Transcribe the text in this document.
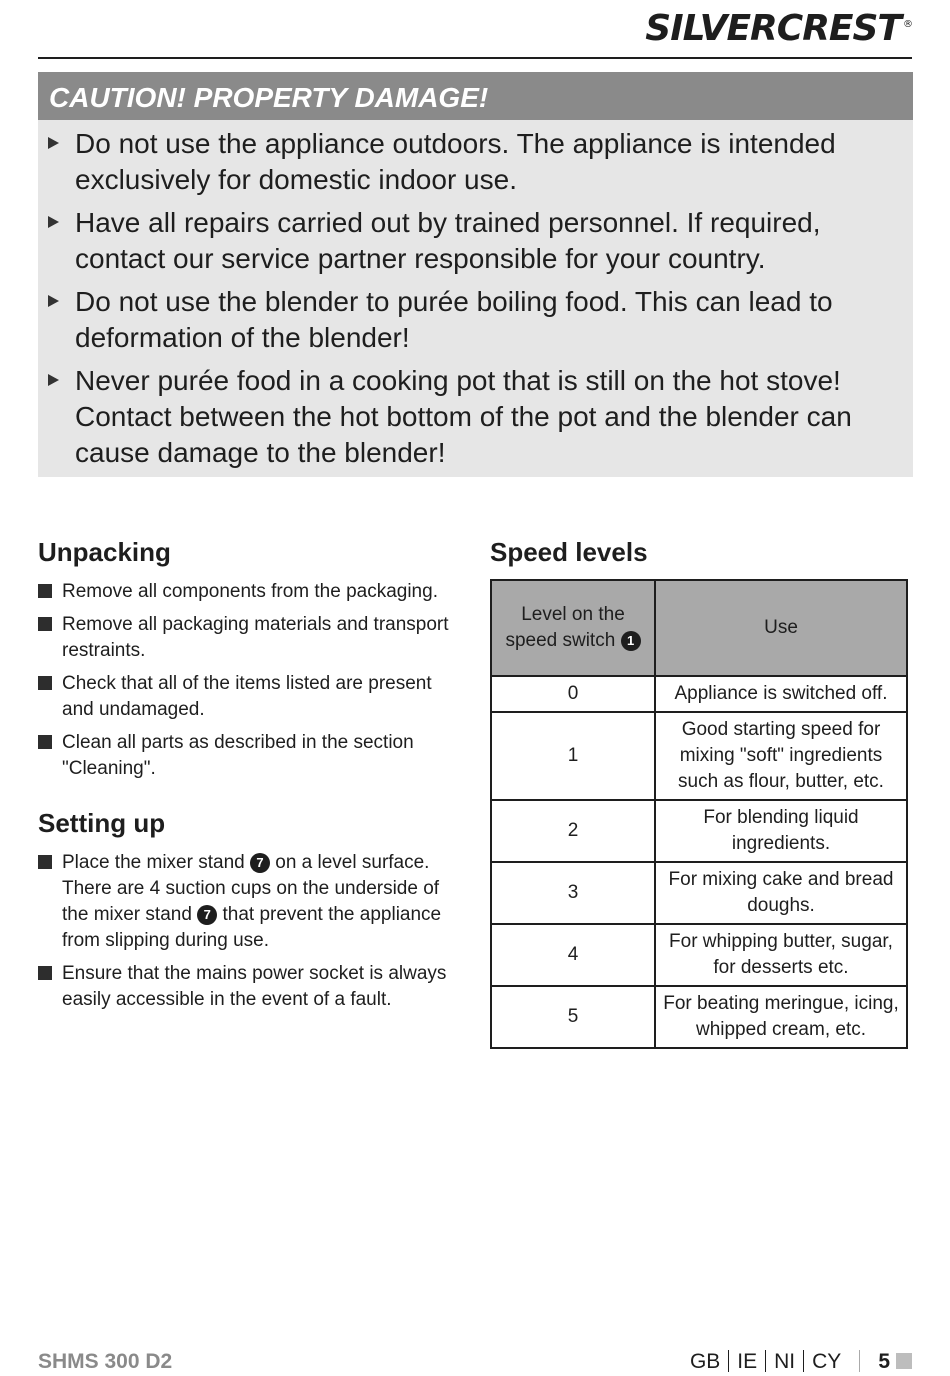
SILVERCREST ®
CAUTION! PROPERTY DAMAGE!
Do not use the appliance outdoors. The appliance is intended exclusively for domestic indoor use.
Have all repairs carried out by trained personnel. If required, contact our service partner responsible for your country.
Do not use the blender to purée boiling food. This can lead to deformation of the blender!
Never purée food in a cooking pot that is still on the hot stove! Contact between the hot bottom of the pot and the blender can cause damage to the blender!
Unpacking
Remove all components from the packaging.
Remove all packaging materials and transport restraints.
Check that all of the items listed are present and undamaged.
Clean all parts as described in the section "Cleaning".
Setting up
Place the mixer stand 7 on a level surface. There are 4 suction cups on the underside of the mixer stand 7 that prevent the appliance from slipping during use.
Ensure that the mains power socket is always easily accessible in the event of a fault.
Speed levels
Level on the speed switch 1	Use
0	Appliance is switched off.
1	Good starting speed for mixing "soft" ingredients such as flour, butter, etc.
2	For blending liquid ingredients.
3	For mixing cake and bread doughs.
4	For whipping butter, sugar, for desserts etc.
5	For beating meringue, icing, whipped cream, etc.
SHMS 300 D2	GB IE NI CY 5
